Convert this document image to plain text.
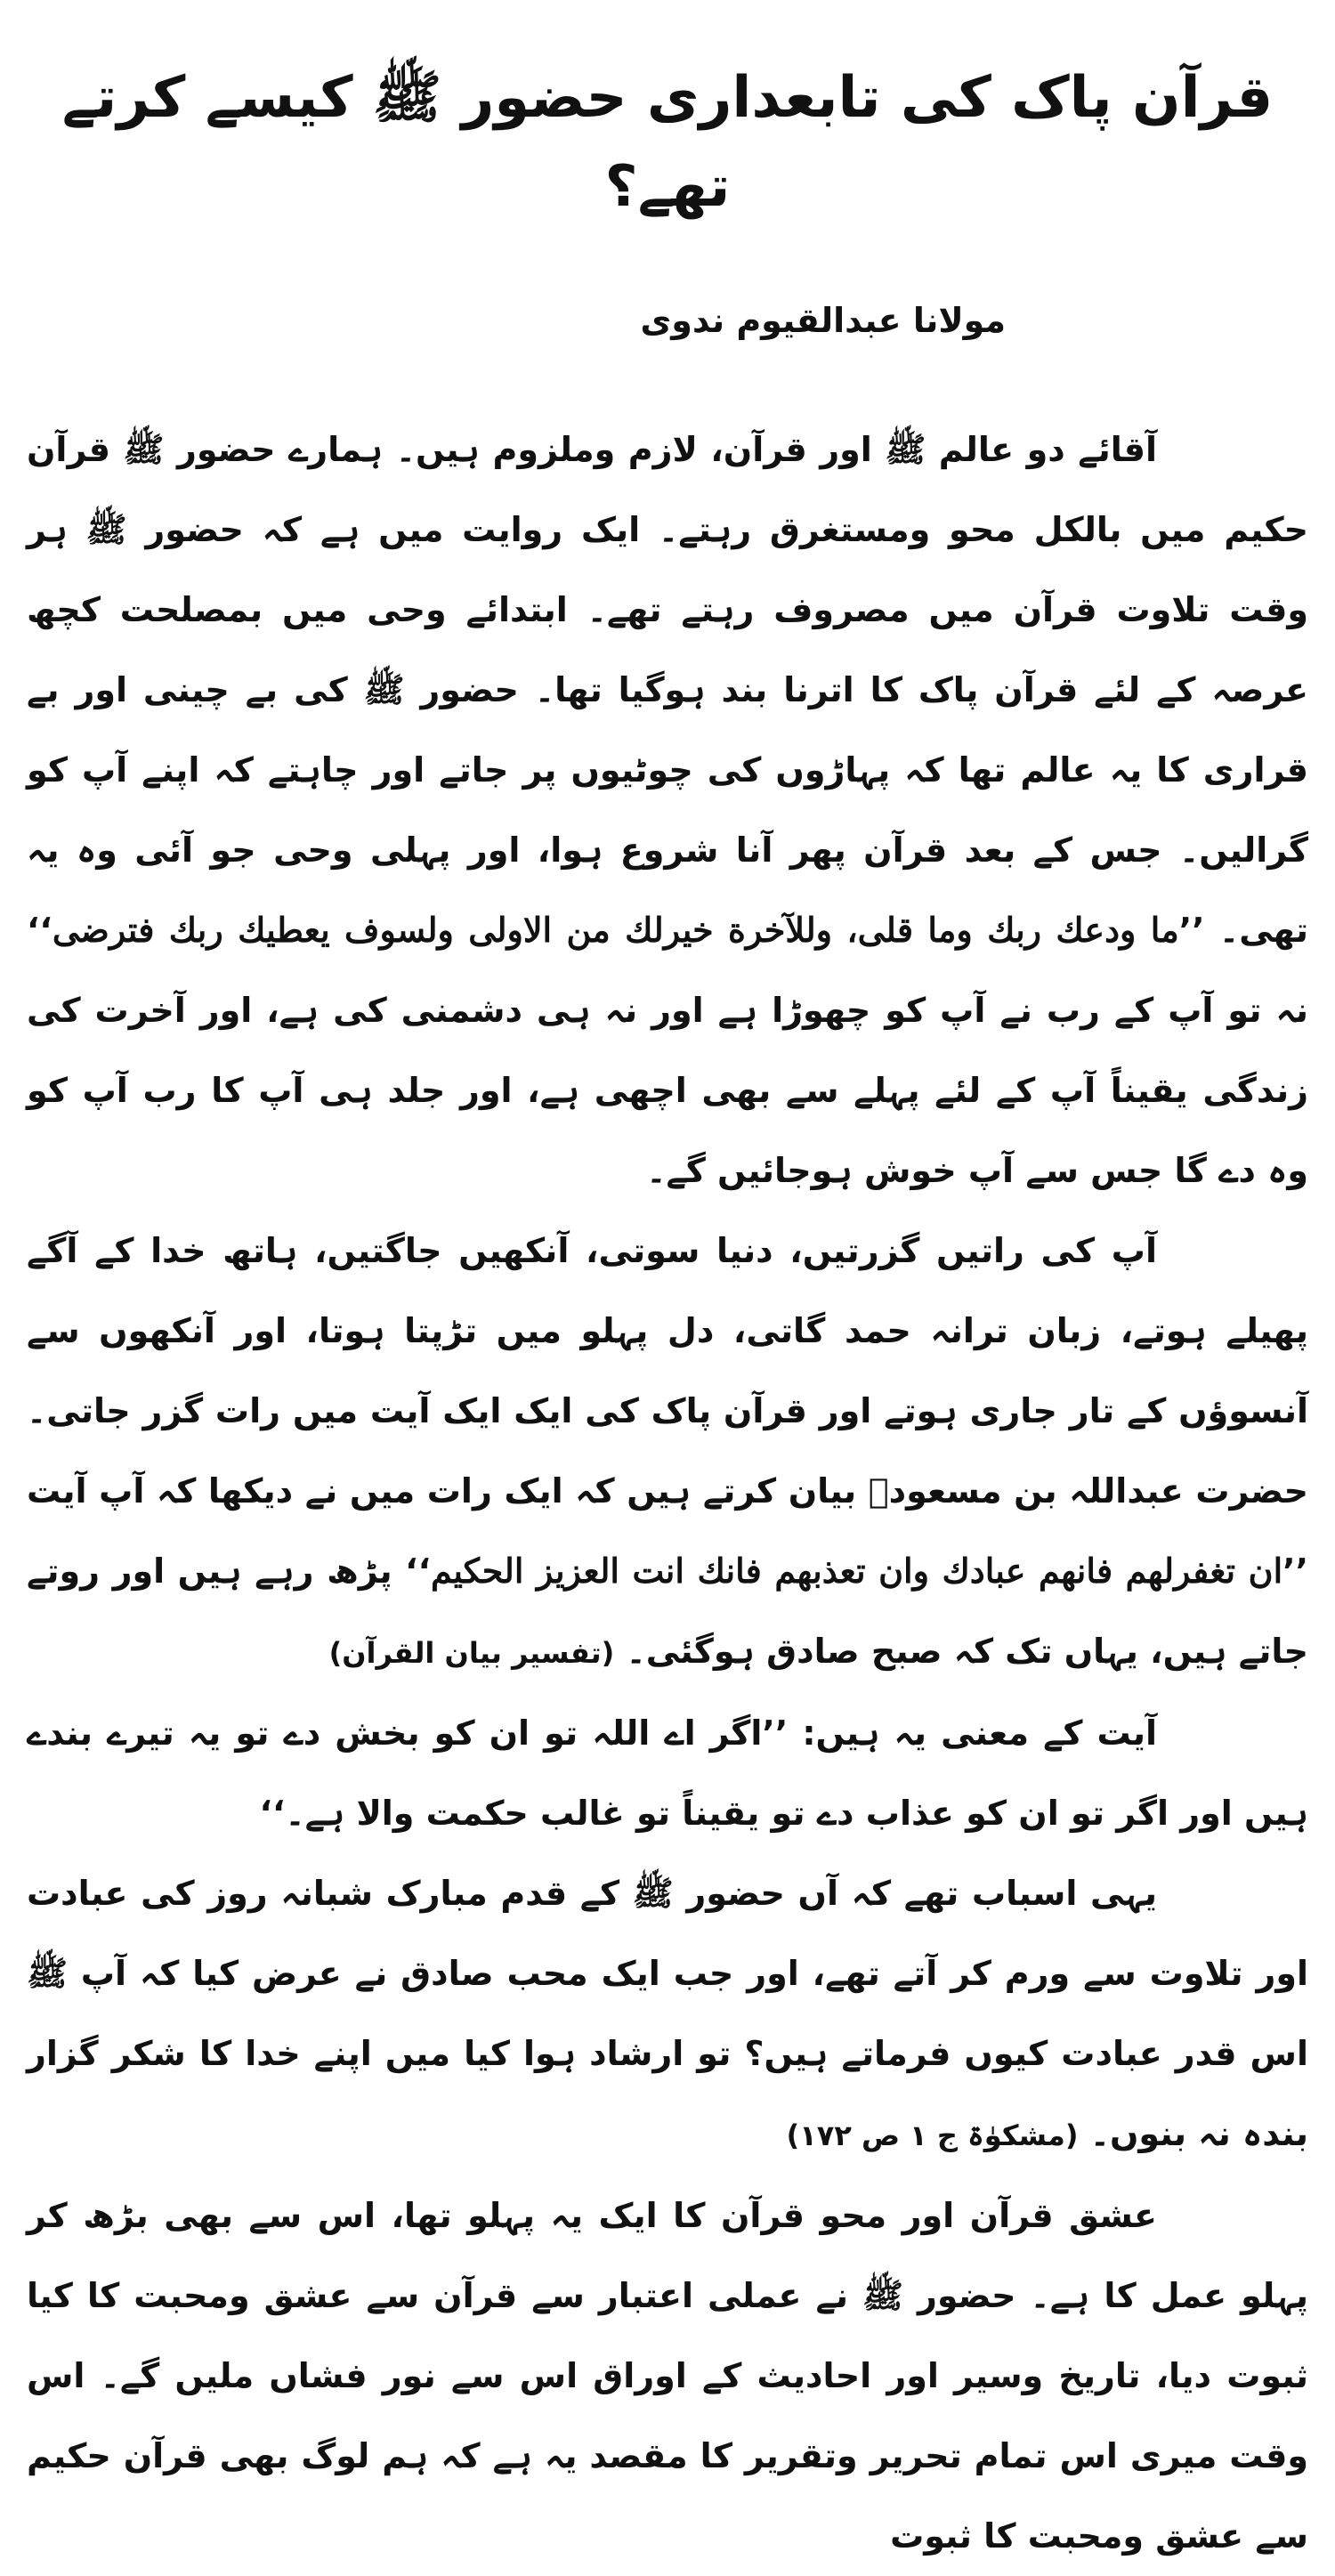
قرآن پاک کی تابعداری حضور ﷺ کیسے کرتے تھے؟
مولانا عبدالقیوم ندوی

آقائے دو عالم ﷺ اور قرآن، لازم وملزوم ہیں۔ ہمارے حضور ﷺ قرآن حکیم میں بالکل محو ومستغرق رہتے۔ ایک روایت میں ہے کہ حضور ﷺ ہر وقت تلاوت قرآن میں مصروف رہتے تھے۔ ابتدائے وحی میں بمصلحت کچھ عرصہ کے لئے قرآن پاک کا اترنا بند ہوگیا تھا۔ حضور ﷺ کی بے چینی اور بے قراری کا یہ عالم تھا کہ پہاڑوں کی چوٹیوں پر جاتے اور چاہتے کہ اپنے آپ کو گرالیں۔ جس کے بعد قرآن پھر آنا شروع ہوا، اور پہلی وحی جو آئی وہ یہ تھی۔ ’’ما ودعك ربك وما قلى، وللآخرة خيرلك من الاولى ولسوف يعطيك ربك فترضى‘‘ نہ تو آپ کے رب نے آپ کو چھوڑا ہے اور نہ ہی دشمنی کی ہے، اور آخرت کی زندگی یقیناً آپ کے لئے پہلے سے بھی اچھی ہے، اور جلد ہی آپ کا رب آپ کو وہ دے گا جس سے آپ خوش ہوجائیں گے۔

آپ کی راتیں گزرتیں، دنیا سوتی، آنکھیں جاگتیں، ہاتھ خدا کے آگے پھیلے ہوتے، زبان ترانہ حمد گاتی، دل پہلو میں تڑپتا ہوتا، اور آنکھوں سے آنسوؤں کے تار جاری ہوتے اور قرآن پاک کی ایک ایک آیت میں رات گزر جاتی۔ حضرت عبداللہ بن مسعودؓ بیان کرتے ہیں کہ ایک رات میں نے دیکھا کہ آپ آیت ’’ان تغفرلهم فانهم عبادك وان تعذبهم فانك انت العزيز الحكيم‘‘ پڑھ رہے ہیں اور روتے جاتے ہیں، یہاں تک کہ صبح صادق ہوگئی۔ (تفسیر بیان القرآن)

آیت کے معنی یہ ہیں: ’’اگر اے اللہ تو ان کو بخش دے تو یہ تیرے بندے ہیں اور اگر تو ان کو عذاب دے تو یقیناً تو غالب حکمت والا ہے۔‘‘

یہی اسباب تھے کہ آں حضور ﷺ کے قدم مبارک شبانہ روز کی عبادت اور تلاوت سے ورم کر آتے تھے، اور جب ایک محب صادق نے عرض کیا کہ آپ ﷺ اس قدر عبادت کیوں فرماتے ہیں؟ تو ارشاد ہوا کیا میں اپنے خدا کا شکر گزار بندہ نہ بنوں۔ (مشکوٰۃ ج ۱ ص ۱۷۲)

عشق قرآن اور محو قرآن کا ایک یہ پہلو تھا، اس سے بھی بڑھ کر پہلو عمل کا ہے۔ حضور ﷺ نے عملی اعتبار سے قرآن سے عشق ومحبت کا کیا ثبوت دیا، تاریخ وسیر اور احادیث کے اوراق اس سے نور فشاں ملیں گے۔ اس وقت میری اس تمام تحریر وتقریر کا مقصد یہ ہے کہ ہم لوگ بھی قرآن حکیم سے عشق ومحبت کا ثبوت
